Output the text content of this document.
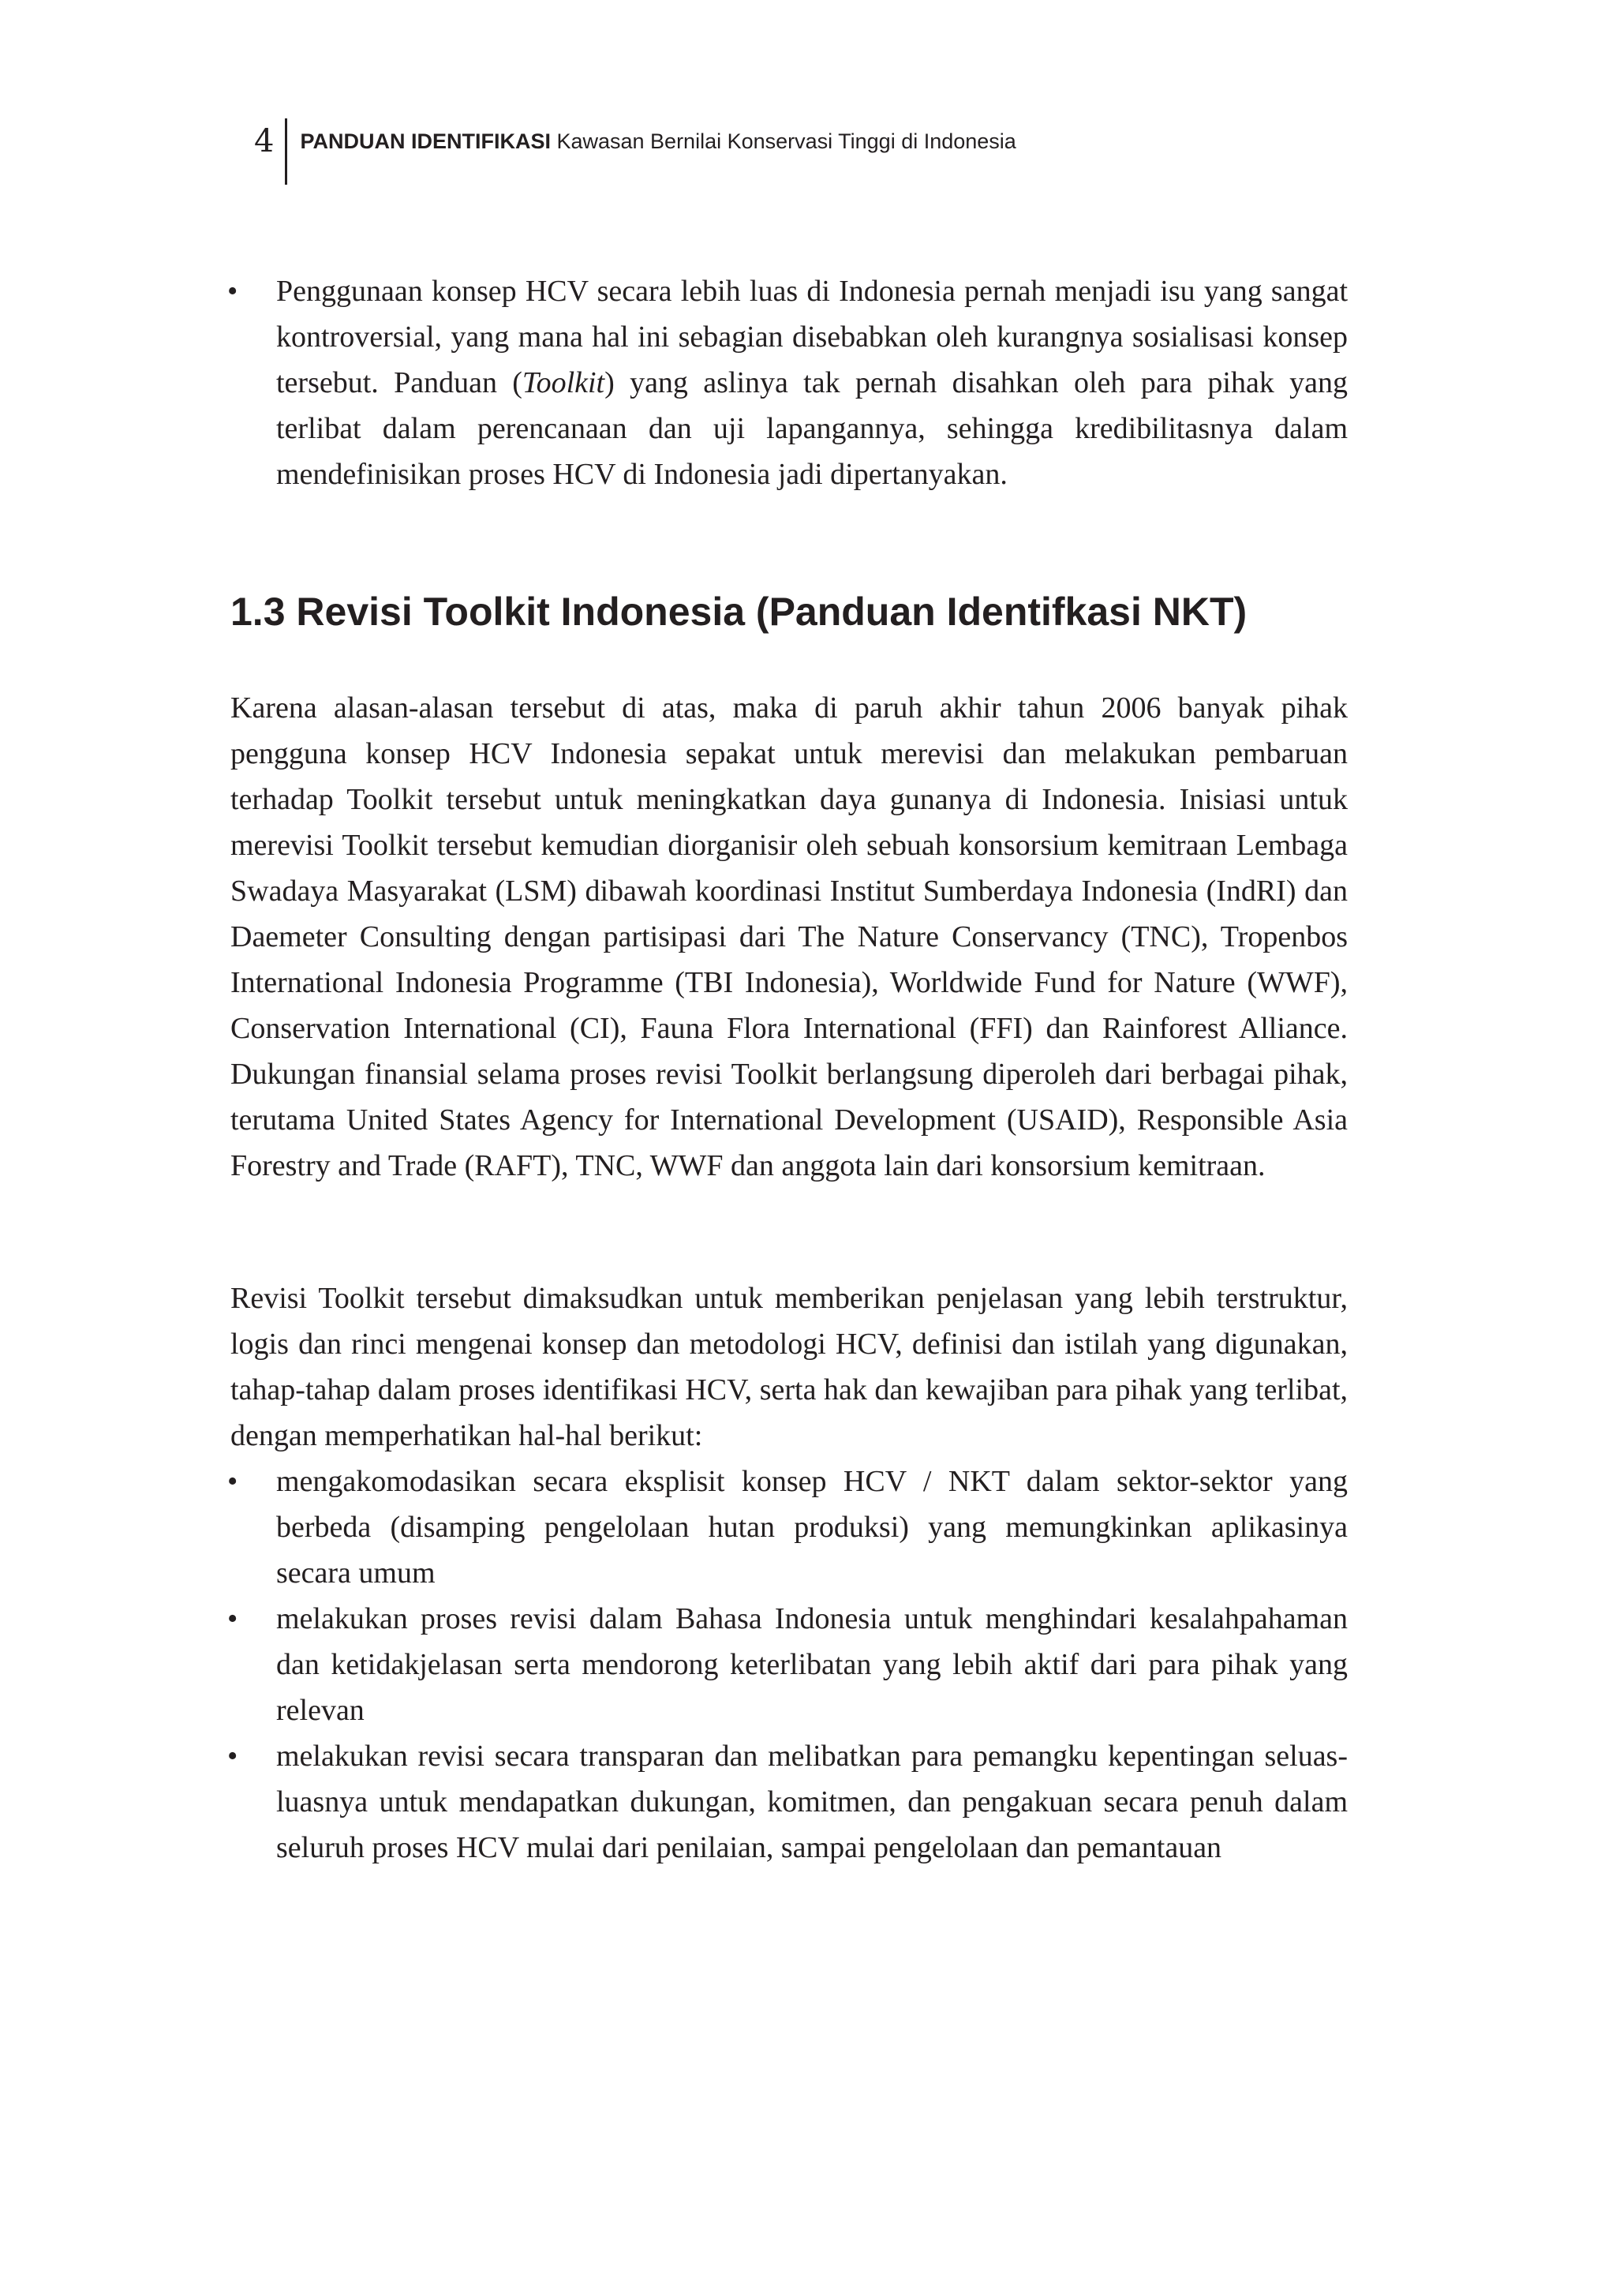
4 PANDUAN IDENTIFIKASI Kawasan Bernilai Konservasi Tinggi di Indonesia
• Penggunaan konsep HCV secara lebih luas di Indonesia pernah menjadi isu yang sangat kontroversial, yang mana hal ini sebagian disebabkan oleh kurangnya sosialisasi konsep tersebut. Panduan (Toolkit) yang aslinya tak pernah disahkan oleh para pihak yang terlibat dalam perencanaan dan uji lapangannya, sehingga kredibilitasnya dalam mendefinisikan proses HCV di Indonesia jadi dipertanyakan.
1.3 Revisi Toolkit Indonesia (Panduan Identifkasi NKT)

Karena alasan-alasan tersebut di atas, maka di paruh akhir tahun 2006 banyak pihak pengguna konsep HCV Indonesia sepakat untuk merevisi dan melakukan pembaruan terhadap Toolkit tersebut untuk meningkatkan daya gunanya di Indonesia. Inisiasi untuk merevisi Toolkit tersebut kemudian diorganisir oleh sebuah konsorsium kemitraan Lembaga Swadaya Masyarakat (LSM) dibawah koordinasi Institut Sumberdaya Indonesia (IndRI) dan Daemeter Consulting dengan partisipasi dari The Nature Conservancy (TNC), Tropenbos International Indonesia Programme (TBI Indonesia), Worldwide Fund for Nature (WWF), Conservation International (CI), Fauna Flora International (FFI) dan Rainforest Alliance. Dukungan finansial selama proses revisi Toolkit berlangsung diperoleh dari berbagai pihak, terutama United States Agency for International Development (USAID), Responsible Asia Forestry and Trade (RAFT), TNC, WWF dan anggota lain dari konsorsium kemitraan.

Revisi Toolkit tersebut dimaksudkan untuk memberikan penjelasan yang lebih terstruktur, logis dan rinci mengenai konsep dan metodologi HCV, definisi dan istilah yang digunakan, tahap-tahap dalam proses identifikasi HCV, serta hak dan kewajiban para pihak yang terlibat, dengan memperhatikan hal-hal berikut:

• mengakomodasikan secara eksplisit konsep HCV / NKT dalam sektor-sektor yang berbeda (disamping pengelolaan hutan produksi) yang memungkinkan aplikasinya secara umum
• melakukan proses revisi dalam Bahasa Indonesia untuk menghindari kesalahpahaman dan ketidakjelasan serta mendorong keterlibatan yang lebih aktif dari para pihak yang relevan
• melakukan revisi secara transparan dan melibatkan para pemangku kepentingan seluas-luasnya untuk mendapatkan dukungan, komitmen, dan pengakuan secara penuh dalam seluruh proses HCV mulai dari penilaian, sampai pengelolaan dan pemantauan
